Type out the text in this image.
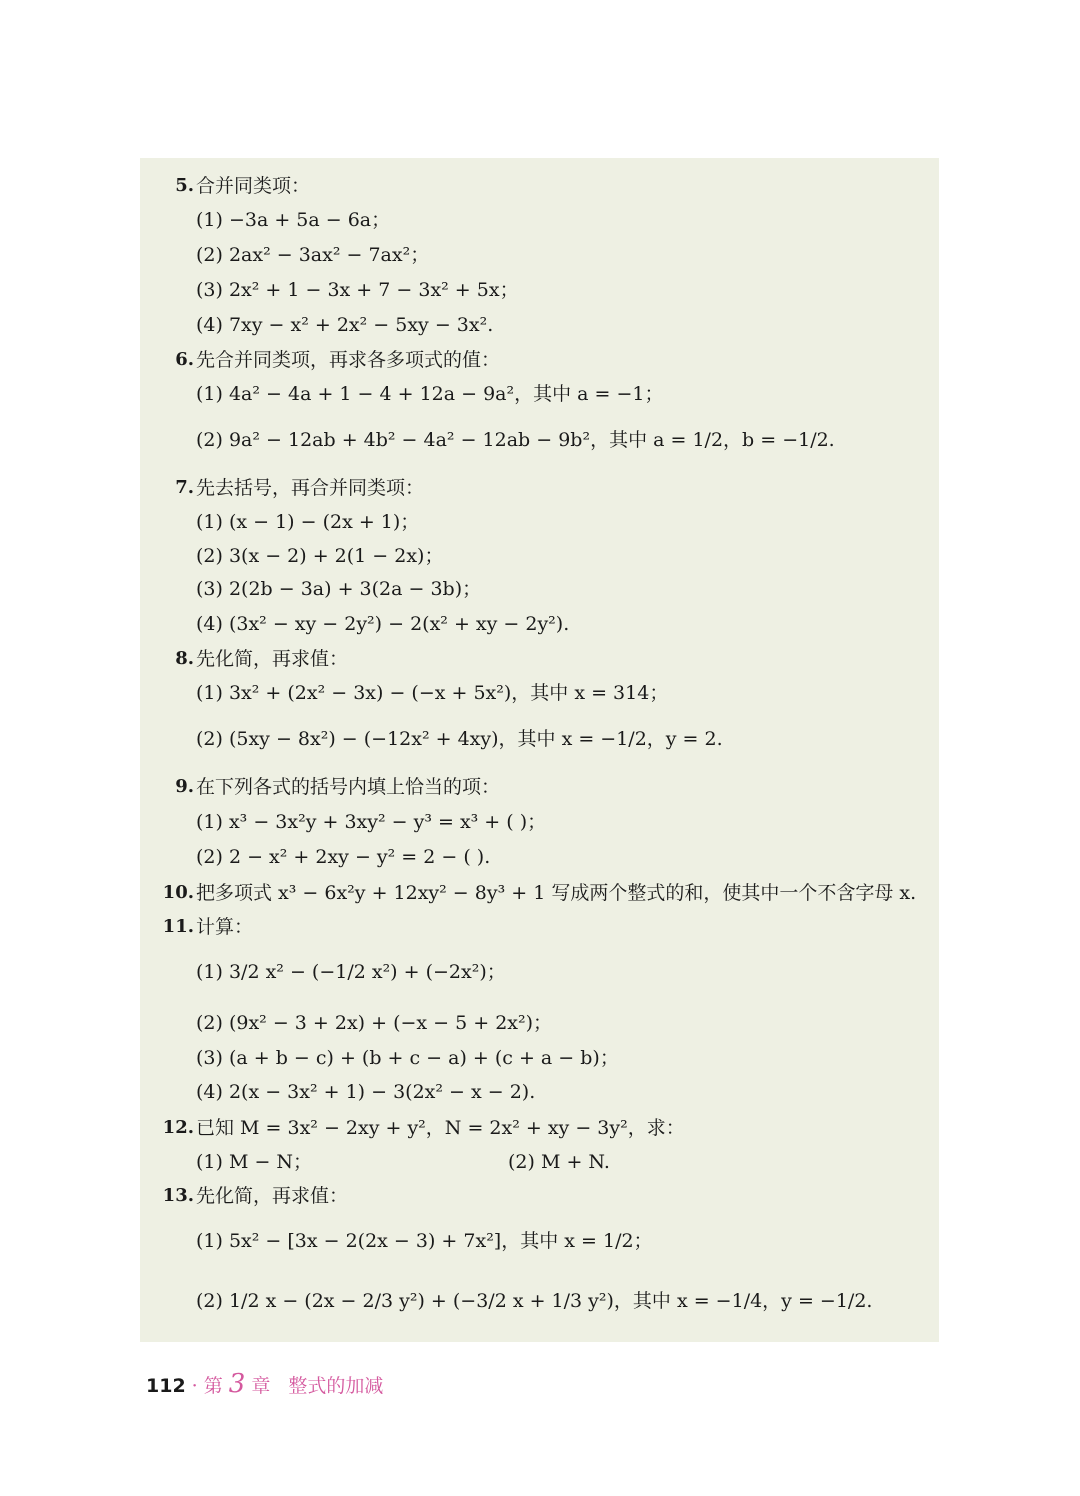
5. 合并同类项：
(1) −3a + 5a − 6a；
(2) 2ax² − 3ax² − 7ax²；
(3) 2x² + 1 − 3x + 7 − 3x² + 5x；
(4) 7xy − x² + 2x² − 5xy − 3x².
6. 先合并同类项，再求各多项式的值：
(1) 4a² − 4a + 1 − 4 + 12a − 9a²，其中 a = −1；
(2) 9a² − 12ab + 4b² − 4a² − 12ab − 9b²，其中 a = 1/2，b = −1/2.
7. 先去括号，再合并同类项：
(1) (x − 1) − (2x + 1)；
(2) 3(x − 2) + 2(1 − 2x)；
(3) 2(2b − 3a) + 3(2a − 3b)；
(4) (3x² − xy − 2y²) − 2(x² + xy − 2y²).
8. 先化简，再求值：
(1) 3x² + (2x² − 3x) − (−x + 5x²)，其中 x = 314；
(2) (5xy − 8x²) − (−12x² + 4xy)，其中 x = −1/2，y = 2.
9. 在下列各式的括号内填上恰当的项：
(1) x³ − 3x²y + 3xy² − y³ = x³ + ( )；
(2) 2 − x² + 2xy − y² = 2 − ( ).
10. 把多项式 x³ − 6x²y + 12xy² − 8y³ + 1 写成两个整式的和，使其中一个不含字母 x.
11. 计算：
(1) 3/2 x² − (−1/2 x²) + (−2x²)；
(2) (9x² − 3 + 2x) + (−x − 5 + 2x²)；
(3) (a + b − c) + (b + c − a) + (c + a − b)；
(4) 2(x − 3x² + 1) − 3(2x² − x − 2).
12. 已知 M = 3x² − 2xy + y²，N = 2x² + xy − 3y²，求：
(1) M − N；	(2) M + N.
13. 先化简，再求值：
(1) 5x² − [3x − 2(2x − 3) + 7x²]，其中 x = 1/2；
(2) 1/2 x − (2x − 2/3 y²) + (−3/2 x + 1/3 y²)，其中 x = −1/4，y = −1/2.
112 · 第 3 章 整式的加减
